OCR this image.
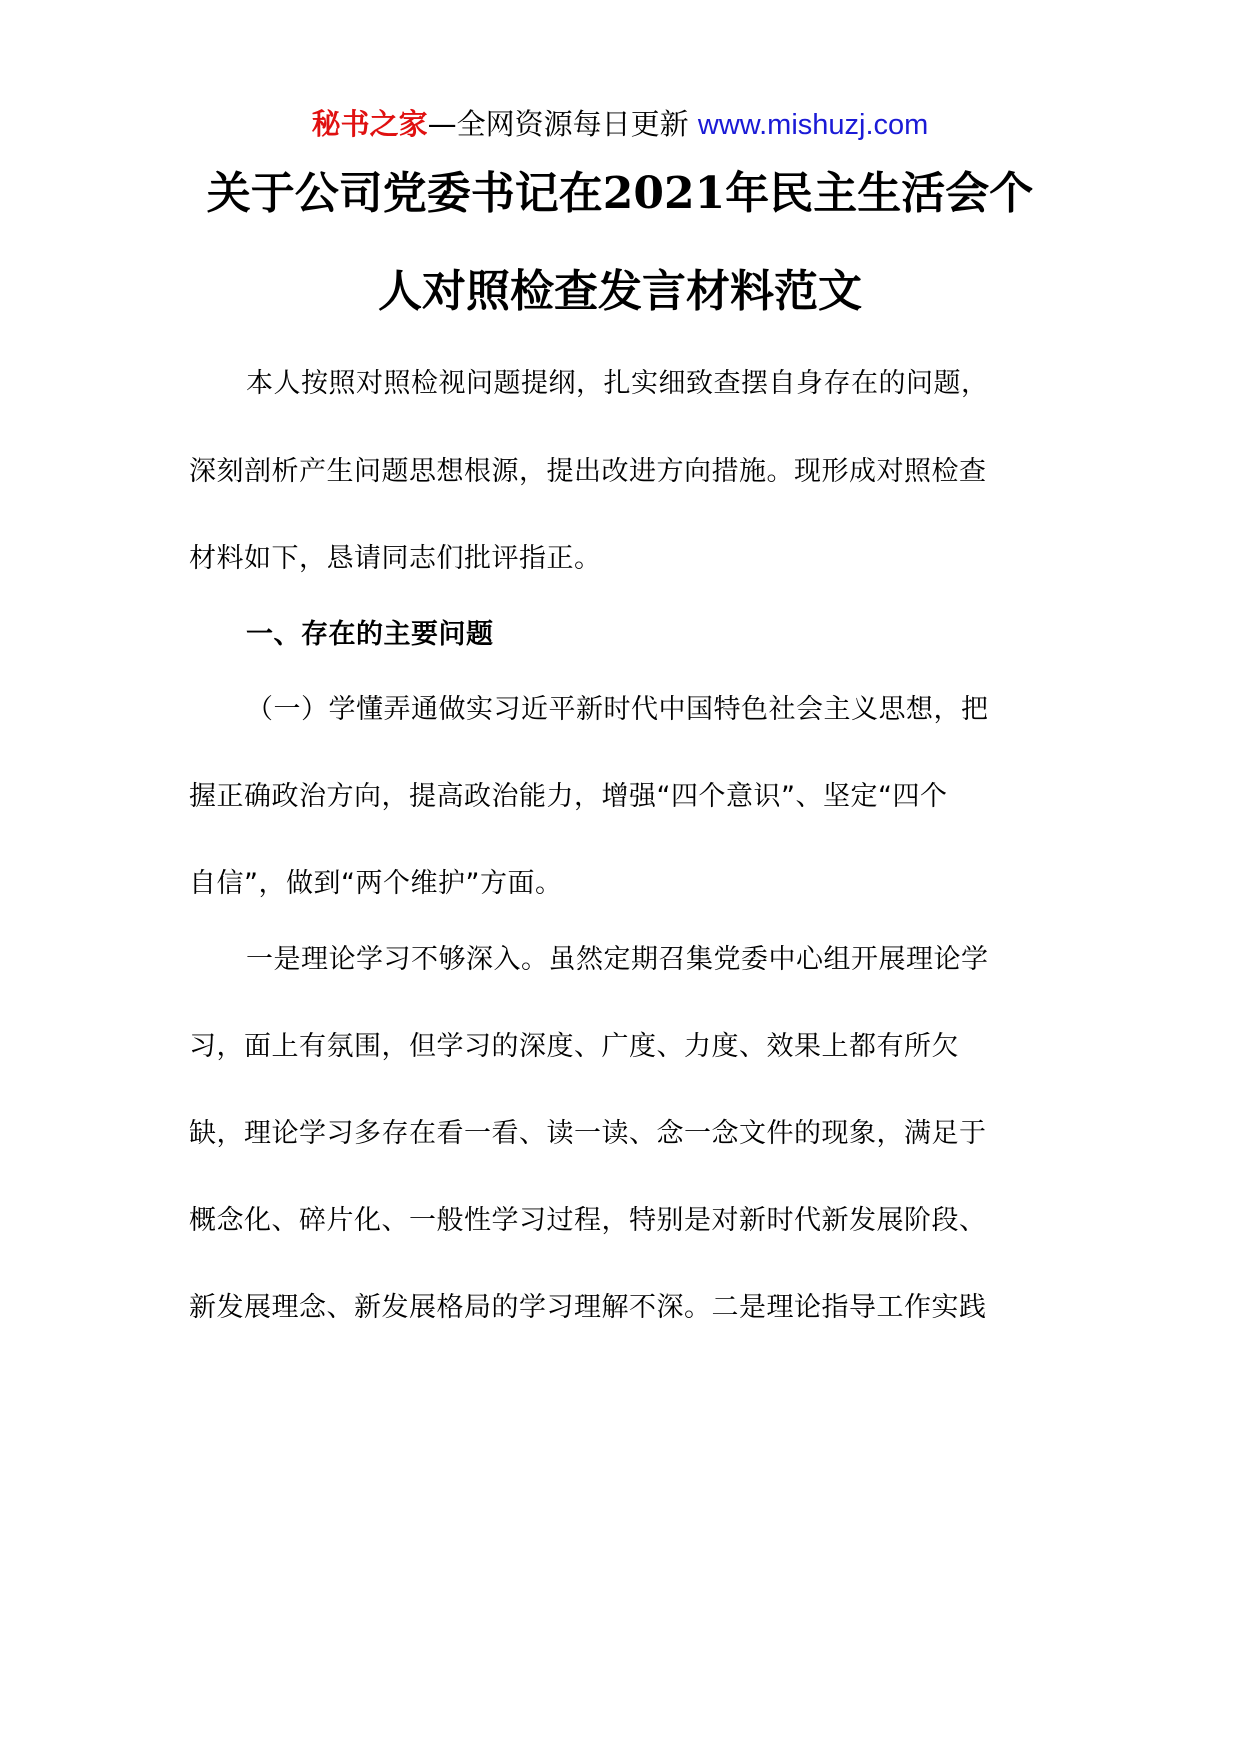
秘书之家—全网资源每日更新 www.mishuzj.com
关于公司党委书记在2021年民主生活会个
人对照检查发言材料范文
本人按照对照检视问题提纲，扎实细致查摆自身存在的问题，
深刻剖析产生问题思想根源，提出改进方向措施。现形成对照检查
材料如下，恳请同志们批评指正。
一、存在的主要问题
（一）学懂弄通做实习近平新时代中国特色社会主义思想，把
握正确政治方向，提高政治能力，增强“四个意识”、坚定“四个
自信”，做到“两个维护”方面。
一是理论学习不够深入。虽然定期召集党委中心组开展理论学
习，面上有氛围，但学习的深度、广度、力度、效果上都有所欠
缺，理论学习多存在看一看、读一读、念一念文件的现象，满足于
概念化、碎片化、一般性学习过程，特别是对新时代新发展阶段、
新发展理念、新发展格局的学习理解不深。二是理论指导工作实践
